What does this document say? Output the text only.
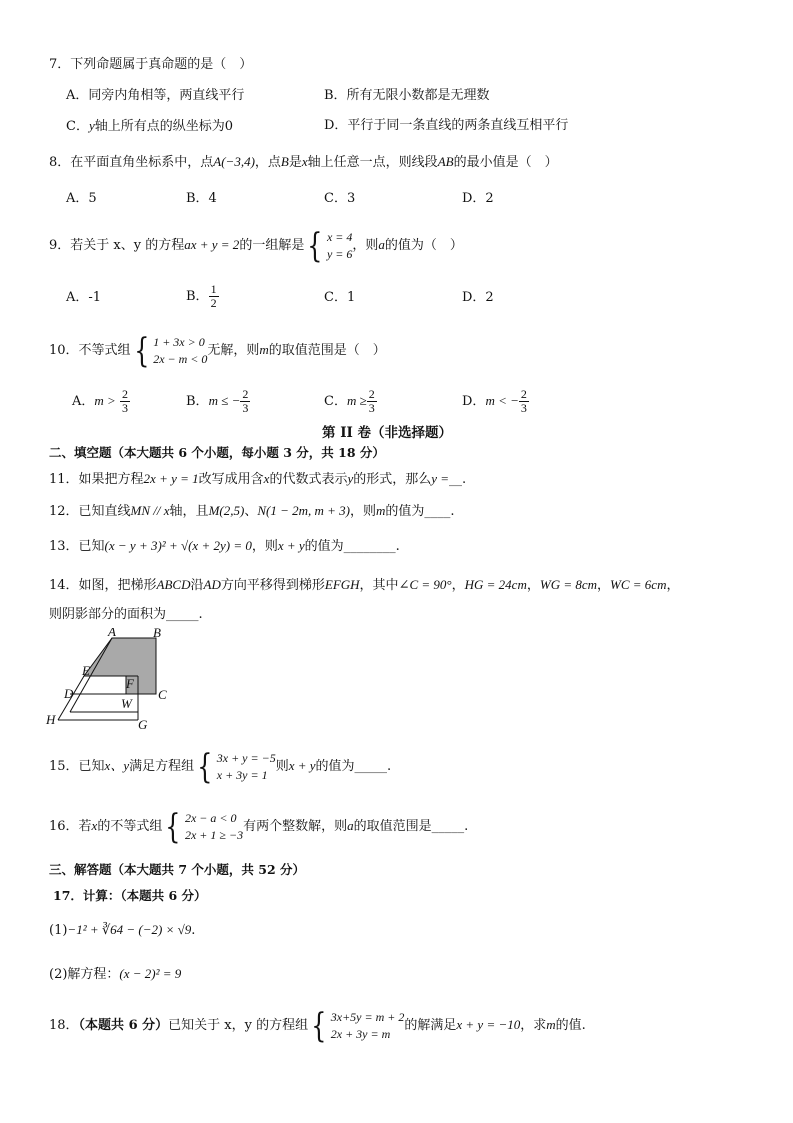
7．下列命题属于真命题的是（　）
A．同旁内角相等，两直线平行	B．所有无限小数都是无理数
C．y轴上所有点的纵坐标为0	D．平行于同一条直线的两条直线互相平行
8．在平面直角坐标系中，点A(−3,4)，点B是x轴上任意一点，则线段AB的最小值是（　）
A．5	B．4	C．3	D．2
9．若关于 x、y 的方程ax + y = 2的一组解是 { x = 4
y = 6
，则a的值为（　）
A．-1	B． $\frac{1}{2}$	C．1	D．2
10．不等式组 { 1 + 3x > 0
2x − m < 0
无解，则m的取值范围是（　）
A．$m > \frac{2}{3}$	B．m ≤ − $\frac{2}{3}$	C．$m \ge \frac{2}{3}$	D．m < − $\frac{2}{3}$
第 II 卷（非选择题）
二、填空题（本大题共 6 个小题，每小题 3 分，共 18 分）
11．如果把方程2x + y = 1改写成用含x的代数式表示y的形式，那么y =__.
12．已知直线MN // x轴，且M(2,5)、N(1 − 2m, m + 3)，则m的值为____.
13．已知(x − y + 3)² + √(x + 2y) = 0，则x + y的值为________.
14．如图，把梯形ABCD沿AD方向平移得到梯形EFGH，其中∠C = 90°，HG = 24cm，WG = 8cm，WC = 6cm，
则阴影部分的面积为_____.
A	B
C
D
E
F
G
H
W
15．已知x、y满足方程组 { 3x + y = −5
x + 3y = 1
则x + y的值为_____.
16．若x的不等式组 { 2x − a < 0
2x + 1 ≥ −3
有两个整数解，则a的取值范围是_____.
三、解答题（本大题共 7 个小题，共 52 分）
17．计算：（本题共 6 分）
(1)−1² + ∛64 − (−2) × √9.
(2)解方程：(x − 2)² = 9
18．（本题共 6 分）已知关于 x，y 的方程组 { 3x+5y = m + 2
2x + 3y = m
的解满足x + y = −10，求m的值.
